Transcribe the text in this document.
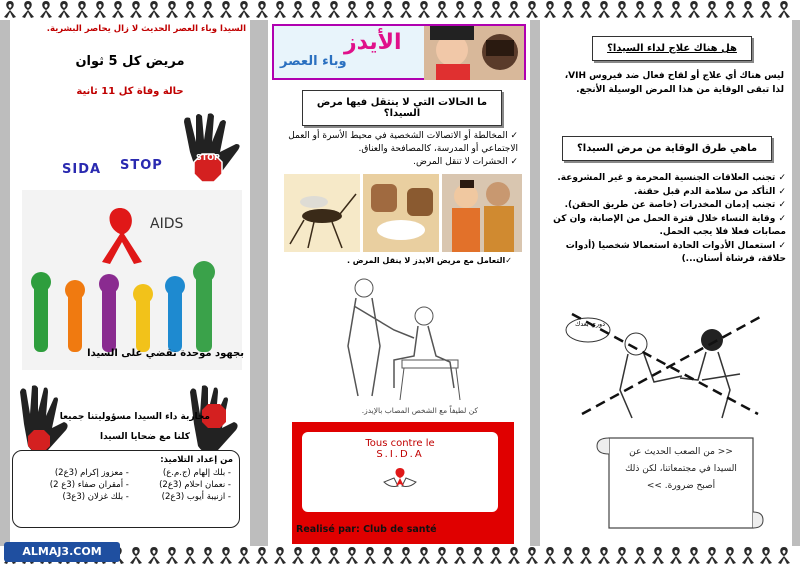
السيدا وباء العصر الحديث لا زال يحاصر البشرية.
مريض كل 5 ثوان
حالة وفاة كل 11 ثانية
STOP
SIDA STOP
AIDS
بجهود موحدة نقضي على السيدا
محاربة داء السيدا مسؤوليتنا جميعا
كلنا مع ضحايا السيدا
من إعداد التلاميذ:
- بلك إلهام (ج.م.ع)	- معزوز إكرام (3ع2)
- نعمان احلام (3ع2)	- أمقران صفاء (3ع 2)
- ازنيبة أيوب (3ع2)	- بلك غزلان (3ع3)
الأيدز
وباء العصر
ما الحالات التي لا ينتقل فيها مرض السيدا؟
✓ المخالطة أو الاتصالات الشخصية في محيط الأسرة أو العمل الاجتماعي أو المدرسة، كالمصافحة والعناق.
✓ الحشرات لا تنقل المرض.
✓التعامل مع مريض الايدز لا ينقل المرض .
كن لطيفاً مع الشخص المصاب بالإيدز.
Tous contre le
S.I.D.A
Realisé par: Club de santé
هل هناك علاج لداء السيدا؟
ليس هناك أي علاج أو لقاح فعال ضد فيروس VIH، لذا تبقى الوقاية من هذا المرض الوسيلة الأنجع.
ماهي طرق الوقاية من مرض السيدا؟
✓ تجنب العلاقات الجنسية المحرمة و غير المشروعة.
✓ التأكد من سلامة الدم قبل حقنة.
✓ تجنب إدمان المخدرات (خاصة عن طريق الحقن).
✓ وقاية النساء خلال فترة الحمل من الإصابة، وان كن مصابات فعلا فلا يجب الحمل.
✓ استعمال الأدوات الحادة استعمالا شخصيا (أدوات حلاقة، فرشاة أسنان...)
دوري بعدك
<< من الصعب الحديث عن
السيدا في مجتمعاتنا، لكن ذلك
أصبح ضرورة. >>
ALMAJ3.COM
